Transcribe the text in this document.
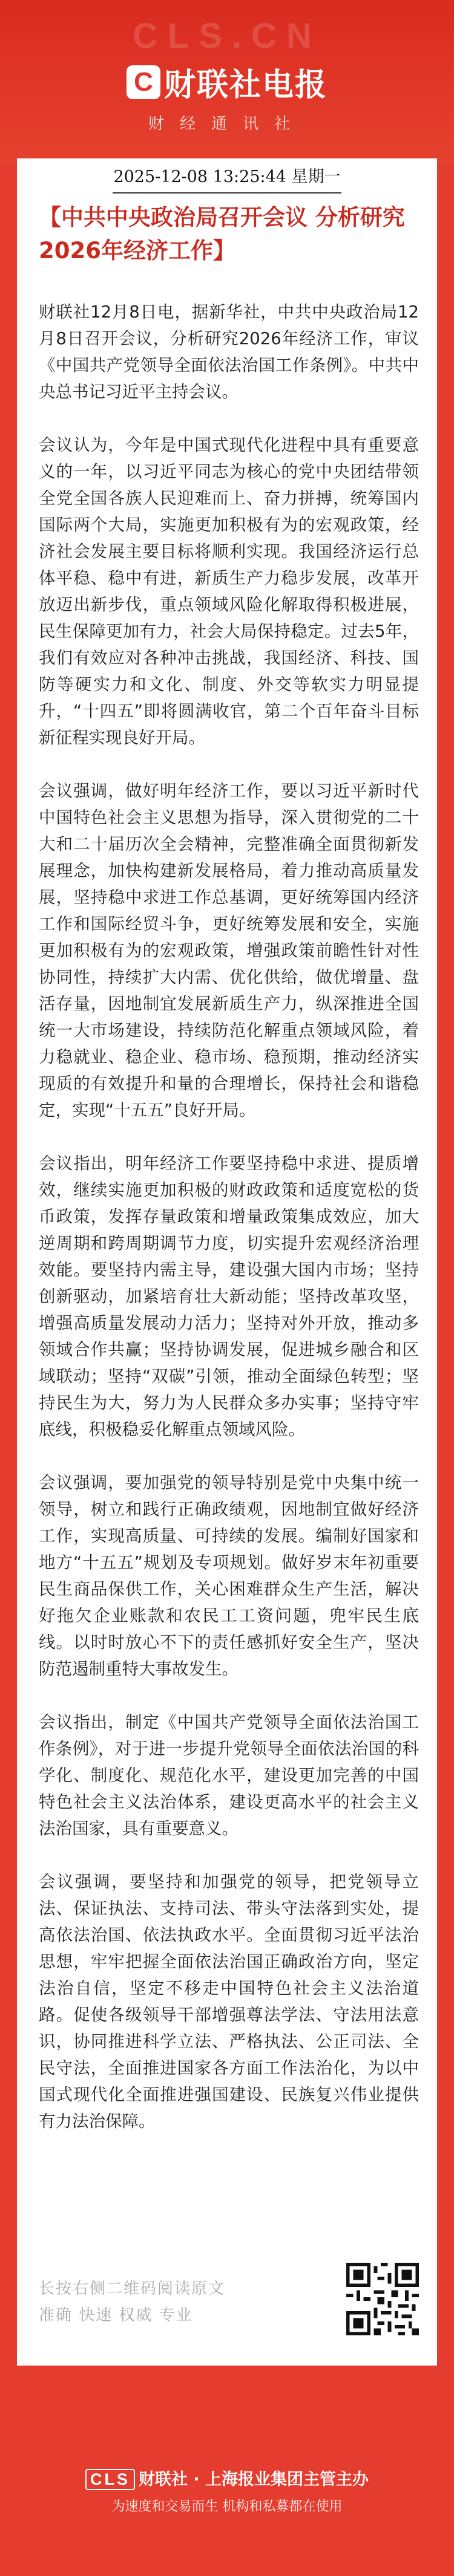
CLS.CN
C 财联社电报
财经通讯社
2025-12-08 13:25:44 星期一
【中共中央政治局召开会议 分析研究2026年经济工作】

财联社12月8日电，据新华社，中共中央政治局12月8日召开会议，分析研究2026年经济工作，审议《中国共产党领导全面依法治国工作条例》。中共中央总书记习近平主持会议。

会议认为，今年是中国式现代化进程中具有重要意义的一年，以习近平同志为核心的党中央团结带领全党全国各族人民迎难而上、奋力拼搏，统筹国内国际两个大局，实施更加积极有为的宏观政策，经济社会发展主要目标将顺利实现。我国经济运行总体平稳、稳中有进，新质生产力稳步发展，改革开放迈出新步伐，重点领域风险化解取得积极进展，民生保障更加有力，社会大局保持稳定。过去5年，我们有效应对各种冲击挑战，我国经济、科技、国防等硬实力和文化、制度、外交等软实力明显提升，“十四五”即将圆满收官，第二个百年奋斗目标新征程实现良好开局。

会议强调，做好明年经济工作，要以习近平新时代中国特色社会主义思想为指导，深入贯彻党的二十大和二十届历次全会精神，完整准确全面贯彻新发展理念，加快构建新发展格局，着力推动高质量发展，坚持稳中求进工作总基调，更好统筹国内经济工作和国际经贸斗争，更好统筹发展和安全，实施更加积极有为的宏观政策，增强政策前瞻性针对性协同性，持续扩大内需、优化供给，做优增量、盘活存量，因地制宜发展新质生产力，纵深推进全国统一大市场建设，持续防范化解重点领域风险，着力稳就业、稳企业、稳市场、稳预期，推动经济实现质的有效提升和量的合理增长，保持社会和谐稳定，实现“十五五”良好开局。

会议指出，明年经济工作要坚持稳中求进、提质增效，继续实施更加积极的财政政策和适度宽松的货币政策，发挥存量政策和增量政策集成效应，加大逆周期和跨周期调节力度，切实提升宏观经济治理效能。要坚持内需主导，建设强大国内市场；坚持创新驱动，加紧培育壮大新动能；坚持改革攻坚，增强高质量发展动力活力；坚持对外开放，推动多领域合作共赢；坚持协调发展，促进城乡融合和区域联动；坚持“双碳”引领，推动全面绿色转型；坚持民生为大，努力为人民群众多办实事；坚持守牢底线，积极稳妥化解重点领域风险。

会议强调，要加强党的领导特别是党中央集中统一领导，树立和践行正确政绩观，因地制宜做好经济工作，实现高质量、可持续的发展。编制好国家和地方“十五五”规划及专项规划。做好岁末年初重要民生商品保供工作，关心困难群众生产生活，解决好拖欠企业账款和农民工工资问题，兜牢民生底线。以时时放心不下的责任感抓好安全生产，坚决防范遏制重特大事故发生。

会议指出，制定《中国共产党领导全面依法治国工作条例》，对于进一步提升党领导全面依法治国的科学化、制度化、规范化水平，建设更加完善的中国特色社会主义法治体系，建设更高水平的社会主义法治国家，具有重要意义。

会议强调，要坚持和加强党的领导，把党领导立法、保证执法、支持司法、带头守法落到实处，提高依法治国、依法执政水平。全面贯彻习近平法治思想，牢牢把握全面依法治国正确政治方向，坚定法治自信，坚定不移走中国特色社会主义法治道路。促使各级领导干部增强尊法学法、守法用法意识，协同推进科学立法、严格执法、公正司法、全民守法，全面推进国家各方面工作法治化，为以中国式现代化全面推进强国建设、民族复兴伟业提供有力法治保障。

长按右侧二维码阅读原文
准确 快速 权威 专业
CLS 财联社 · 上海报业集团主管主办
为速度和交易而生 机构和私募都在使用
